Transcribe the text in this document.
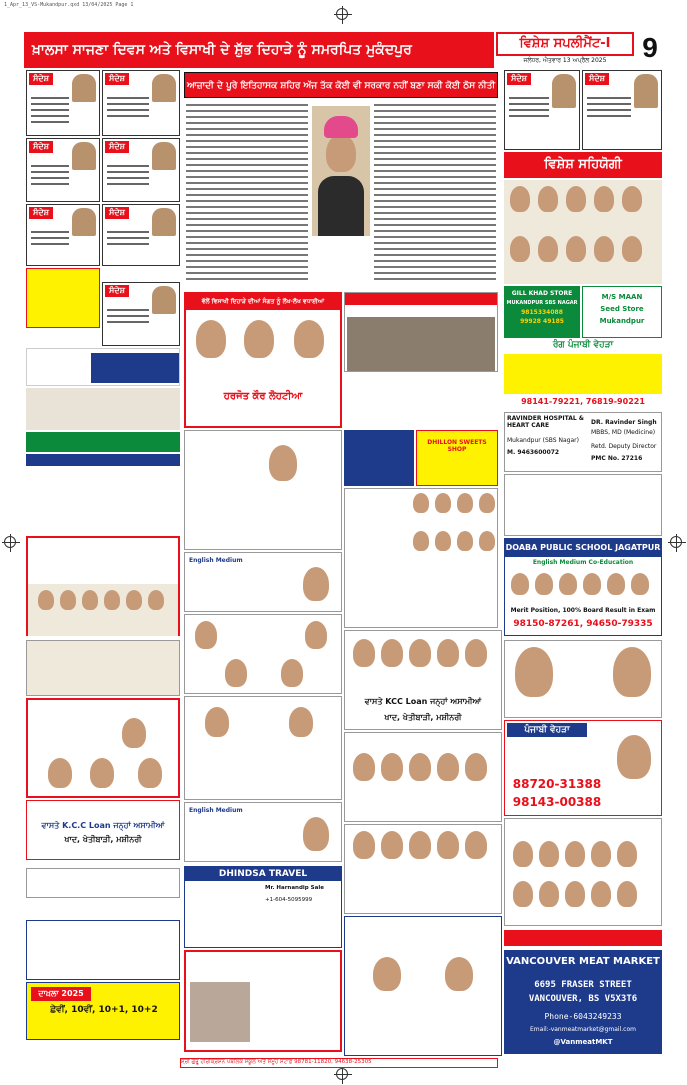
1_Apr_13_VS-Mukandpur.qxd 13/04/2025 Page 1
ਖ਼ਾਲਸਾ ਸਾਜਣਾ ਦਿਵਸ ਅਤੇ ਵਿਸਾਖੀ ਦੇ ਸ਼ੁੱਭ ਦਿਹਾੜੇ ਨੂੰ ਸਮਰਪਿਤ ਮੁਕੰਦਪੁਰ	ਵਿਸ਼ੇਸ਼ ਸਪਲੀਮੈਂਟ-I	9
ਜਲੰਧਰ, ਐਤਵਾਰ 13 ਅਪ੍ਰੈਲ 2025
ਸੰਦੇਸ਼	ਸੰਦੇਸ਼
ਸੰਦੇਸ਼	ਸੰਦੇਸ਼
ਸੰਦੇਸ਼	ਸੰਦੇਸ਼
ਸੰਦੇਸ਼
ਆਜ਼ਾਦੀ ਦੇ ਪੂਰੇ ਇਤਿਹਾਸਕ ਸ਼ਹਿਰ ਅੱਜ ਤੱਕ ਕੋਈ ਵੀ ਸਰਕਾਰ ਨਹੀਂ ਬਣਾ ਸਕੀ ਕੋਈ ਠੋਸ ਨੀਤੀ
ਸੰਦੇਸ਼	ਸੰਦੇਸ਼
ਵਿਸ਼ੇਸ਼ ਸਹਿਯੋਗੀ
ਵੱਲੋਂ ਵਿਸਾਖੀ ਦਿਹਾੜੇ ਦੀਆਂ ਸੰਗਤ ਨੂੰ ਲੱਖ-ਲੱਖ ਵਧਾਈਆਂ
ਹਰਜੋਤ ਕੌਰ ਲੋਹਟੀਆ
GILL KHAD STORE
MUKANDPUR SBS NAGAR
9815334088
99928 49185
M/S MAAN
Seed Store
Mukandpur
ਰੰਗ ਪੰਜਾਬੀ ਵੇਹੜਾ
98141-79221, 76819-90221
RAVINDER HOSPITAL & HEART CARE
Mukandpur (SBS Nagar)
M. 9463600072
DR. Ravinder Singh
MBBS, MD (Medicine)
Retd. Deputy Director
PMC No. 27216
DHILLON SWEETS SHOP
ਵਾਸਤੇ K.C.C Loan ਜਨ੍ਹਾਂ ਅਸਾਮੀਆਂ
ਖਾਦ, ਖੇਤੀਬਾੜੀ, ਮਸ਼ੀਨਰੀ
ਦਾਖ਼ਲਾ 2025
ਛੇਵੀਂ, 10ਵੀਂ, 10+1, 10+2
English Medium
English Medium
DHINDSA TRAVEL
Mr. Harnandip Sale
+1-604-5095999
DOABA PUBLIC SCHOOL JAGATPUR
English Medium Co-Education
Merit Position, 100% Board Result in Exam
98150-87261, 94650-79335
ਪੰਜਾਬੀ ਵੇਹੜਾ
88720-31388
98143-00388
ਵਾਸਤੇ KCC Loan ਜਨ੍ਹਾਂ ਅਸਾਮੀਆਂ
ਖਾਦ, ਖੇਤੀਬਾੜੀ, ਮਸ਼ੀਨਰੀ
VANCOUVER MEAT MARKET
6695 FRASER STREET
VANCOUVER, BS V5X3T6
Phone-6043249233
Email:-vanmeatmarket@gmail.com
@VanmeatMKT
ਸ਼੍ਰੀ ਗੁਰੂ ਹਰਿਕ੍ਰਿਸ਼ਨ ਪਬਲਿਕ ਸਕੂਲ ਅਤੇ ਸਮੂਹ ਸਟਾਫ਼ 98781-11820, 94638-25305
